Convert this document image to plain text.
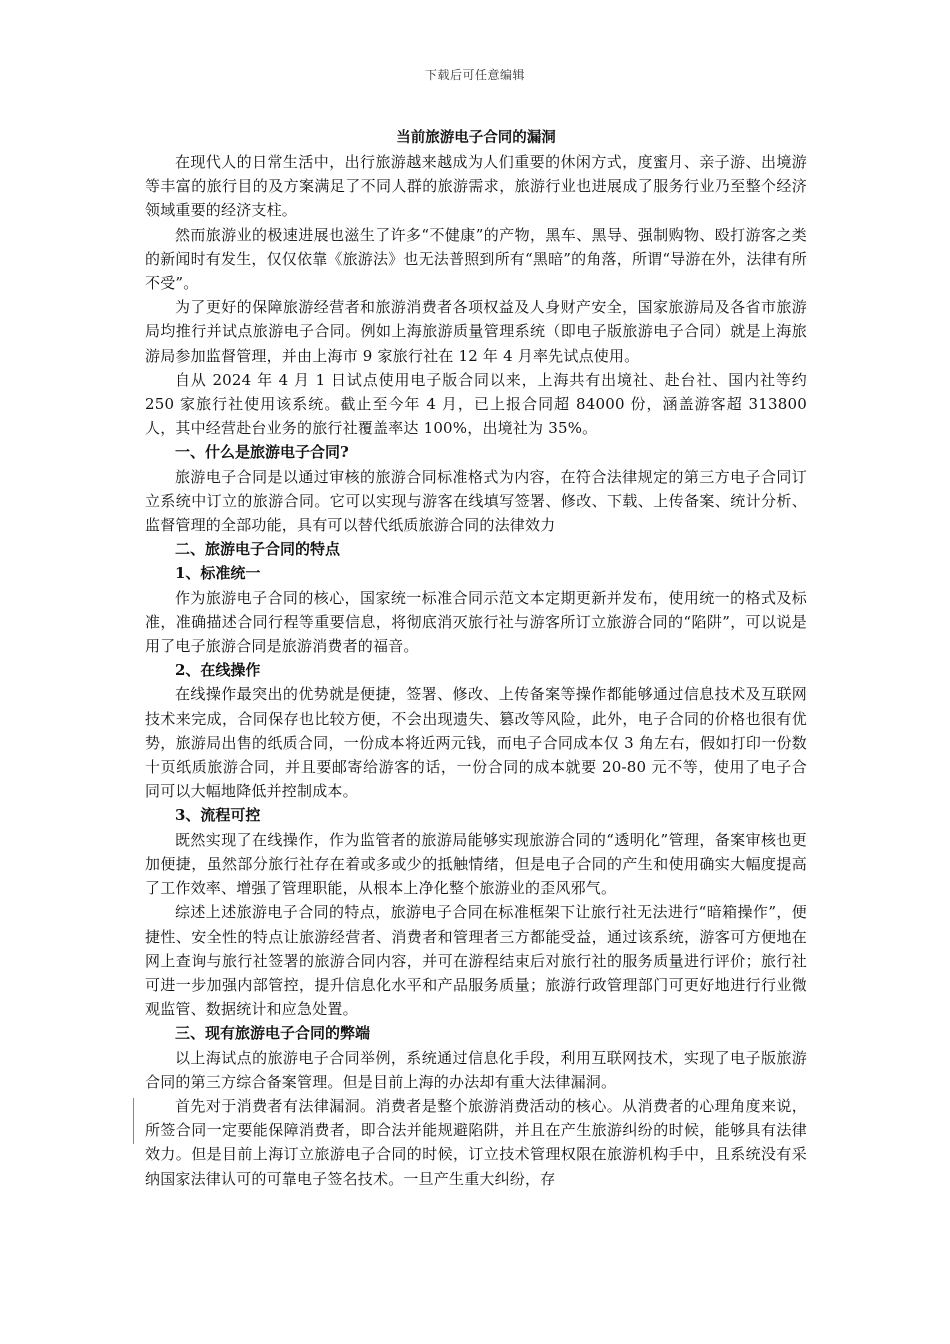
下载后可任意编辑

当前旅游电子合同的漏洞

在现代人的日常生活中，出行旅游越来越成为人们重要的休闲方式，度蜜月、亲子游、出境游等丰富的旅行目的及方案满足了不同人群的旅游需求，旅游行业也进展成了服务行业乃至整个经济领域重要的经济支柱。

然而旅游业的极速进展也滋生了许多“不健康”的产物，黑车、黑导、强制购物、殴打游客之类的新闻时有发生，仅仅依靠《旅游法》也无法普照到所有“黑暗”的角落，所谓“导游在外，法律有所不受”。

为了更好的保障旅游经营者和旅游消费者各项权益及人身财产安全，国家旅游局及各省市旅游局均推行并试点旅游电子合同。例如上海旅游质量管理系统（即电子版旅游电子合同）就是上海旅游局参加监督管理，并由上海市 9 家旅行社在 12 年 4 月率先试点使用。

自从 2024 年 4 月 1 日试点使用电子版合同以来，上海共有出境社、赴台社、国内社等约 250 家旅行社使用该系统。截止至今年 4 月，已上报合同超 84000 份，涵盖游客超 313800 人，其中经营赴台业务的旅行社覆盖率达 100%，出境社为 35%。

一、什么是旅游电子合同?

旅游电子合同是以通过审核的旅游合同标准格式为内容，在符合法律规定的第三方电子合同订立系统中订立的旅游合同。它可以实现与游客在线填写签署、修改、下载、上传备案、统计分析、监督管理的全部功能，具有可以替代纸质旅游合同的法律效力

二、旅游电子合同的特点

1、标准统一

作为旅游电子合同的核心，国家统一标准合同示范文本定期更新并发布，使用统一的格式及标准，准确描述合同行程等重要信息，将彻底消灭旅行社与游客所订立旅游合同的“陷阱”，可以说是用了电子旅游合同是旅游消费者的福音。

2、在线操作

在线操作最突出的优势就是便捷，签署、修改、上传备案等操作都能够通过信息技术及互联网技术来完成，合同保存也比较方便，不会出现遗失、篡改等风险，此外，电子合同的价格也很有优势，旅游局出售的纸质合同，一份成本将近两元钱，而电子合同成本仅 3 角左右，假如打印一份数十页纸质旅游合同，并且要邮寄给游客的话，一份合同的成本就要 20-80 元不等，使用了电子合同可以大幅地降低并控制成本。

3、流程可控

既然实现了在线操作，作为监管者的旅游局能够实现旅游合同的“透明化”管理，备案审核也更加便捷，虽然部分旅行社存在着或多或少的抵触情绪，但是电子合同的产生和使用确实大幅度提高了工作效率、增强了管理职能，从根本上净化整个旅游业的歪风邪气。

综述上述旅游电子合同的特点，旅游电子合同在标准框架下让旅行社无法进行“暗箱操作”，便捷性、安全性的特点让旅游经营者、消费者和管理者三方都能受益，通过该系统，游客可方便地在网上查询与旅行社签署的旅游合同内容，并可在游程结束后对旅行社的服务质量进行评价；旅行社可进一步加强内部管控，提升信息化水平和产品服务质量；旅游行政管理部门可更好地进行行业微观监管、数据统计和应急处置。

三、现有旅游电子合同的弊端

以上海试点的旅游电子合同举例，系统通过信息化手段，利用互联网技术，实现了电子版旅游合同的第三方综合备案管理。但是目前上海的办法却有重大法律漏洞。

首先对于消费者有法律漏洞。消费者是整个旅游消费活动的核心。从消费者的心理角度来说，所签合同一定要能保障消费者，即合法并能规避陷阱，并且在产生旅游纠纷的时候，能够具有法律效力。但是目前上海订立旅游电子合同的时候，订立技术管理权限在旅游机构手中，且系统没有采纳国家法律认可的可靠电子签名技术。一旦产生重大纠纷，存
